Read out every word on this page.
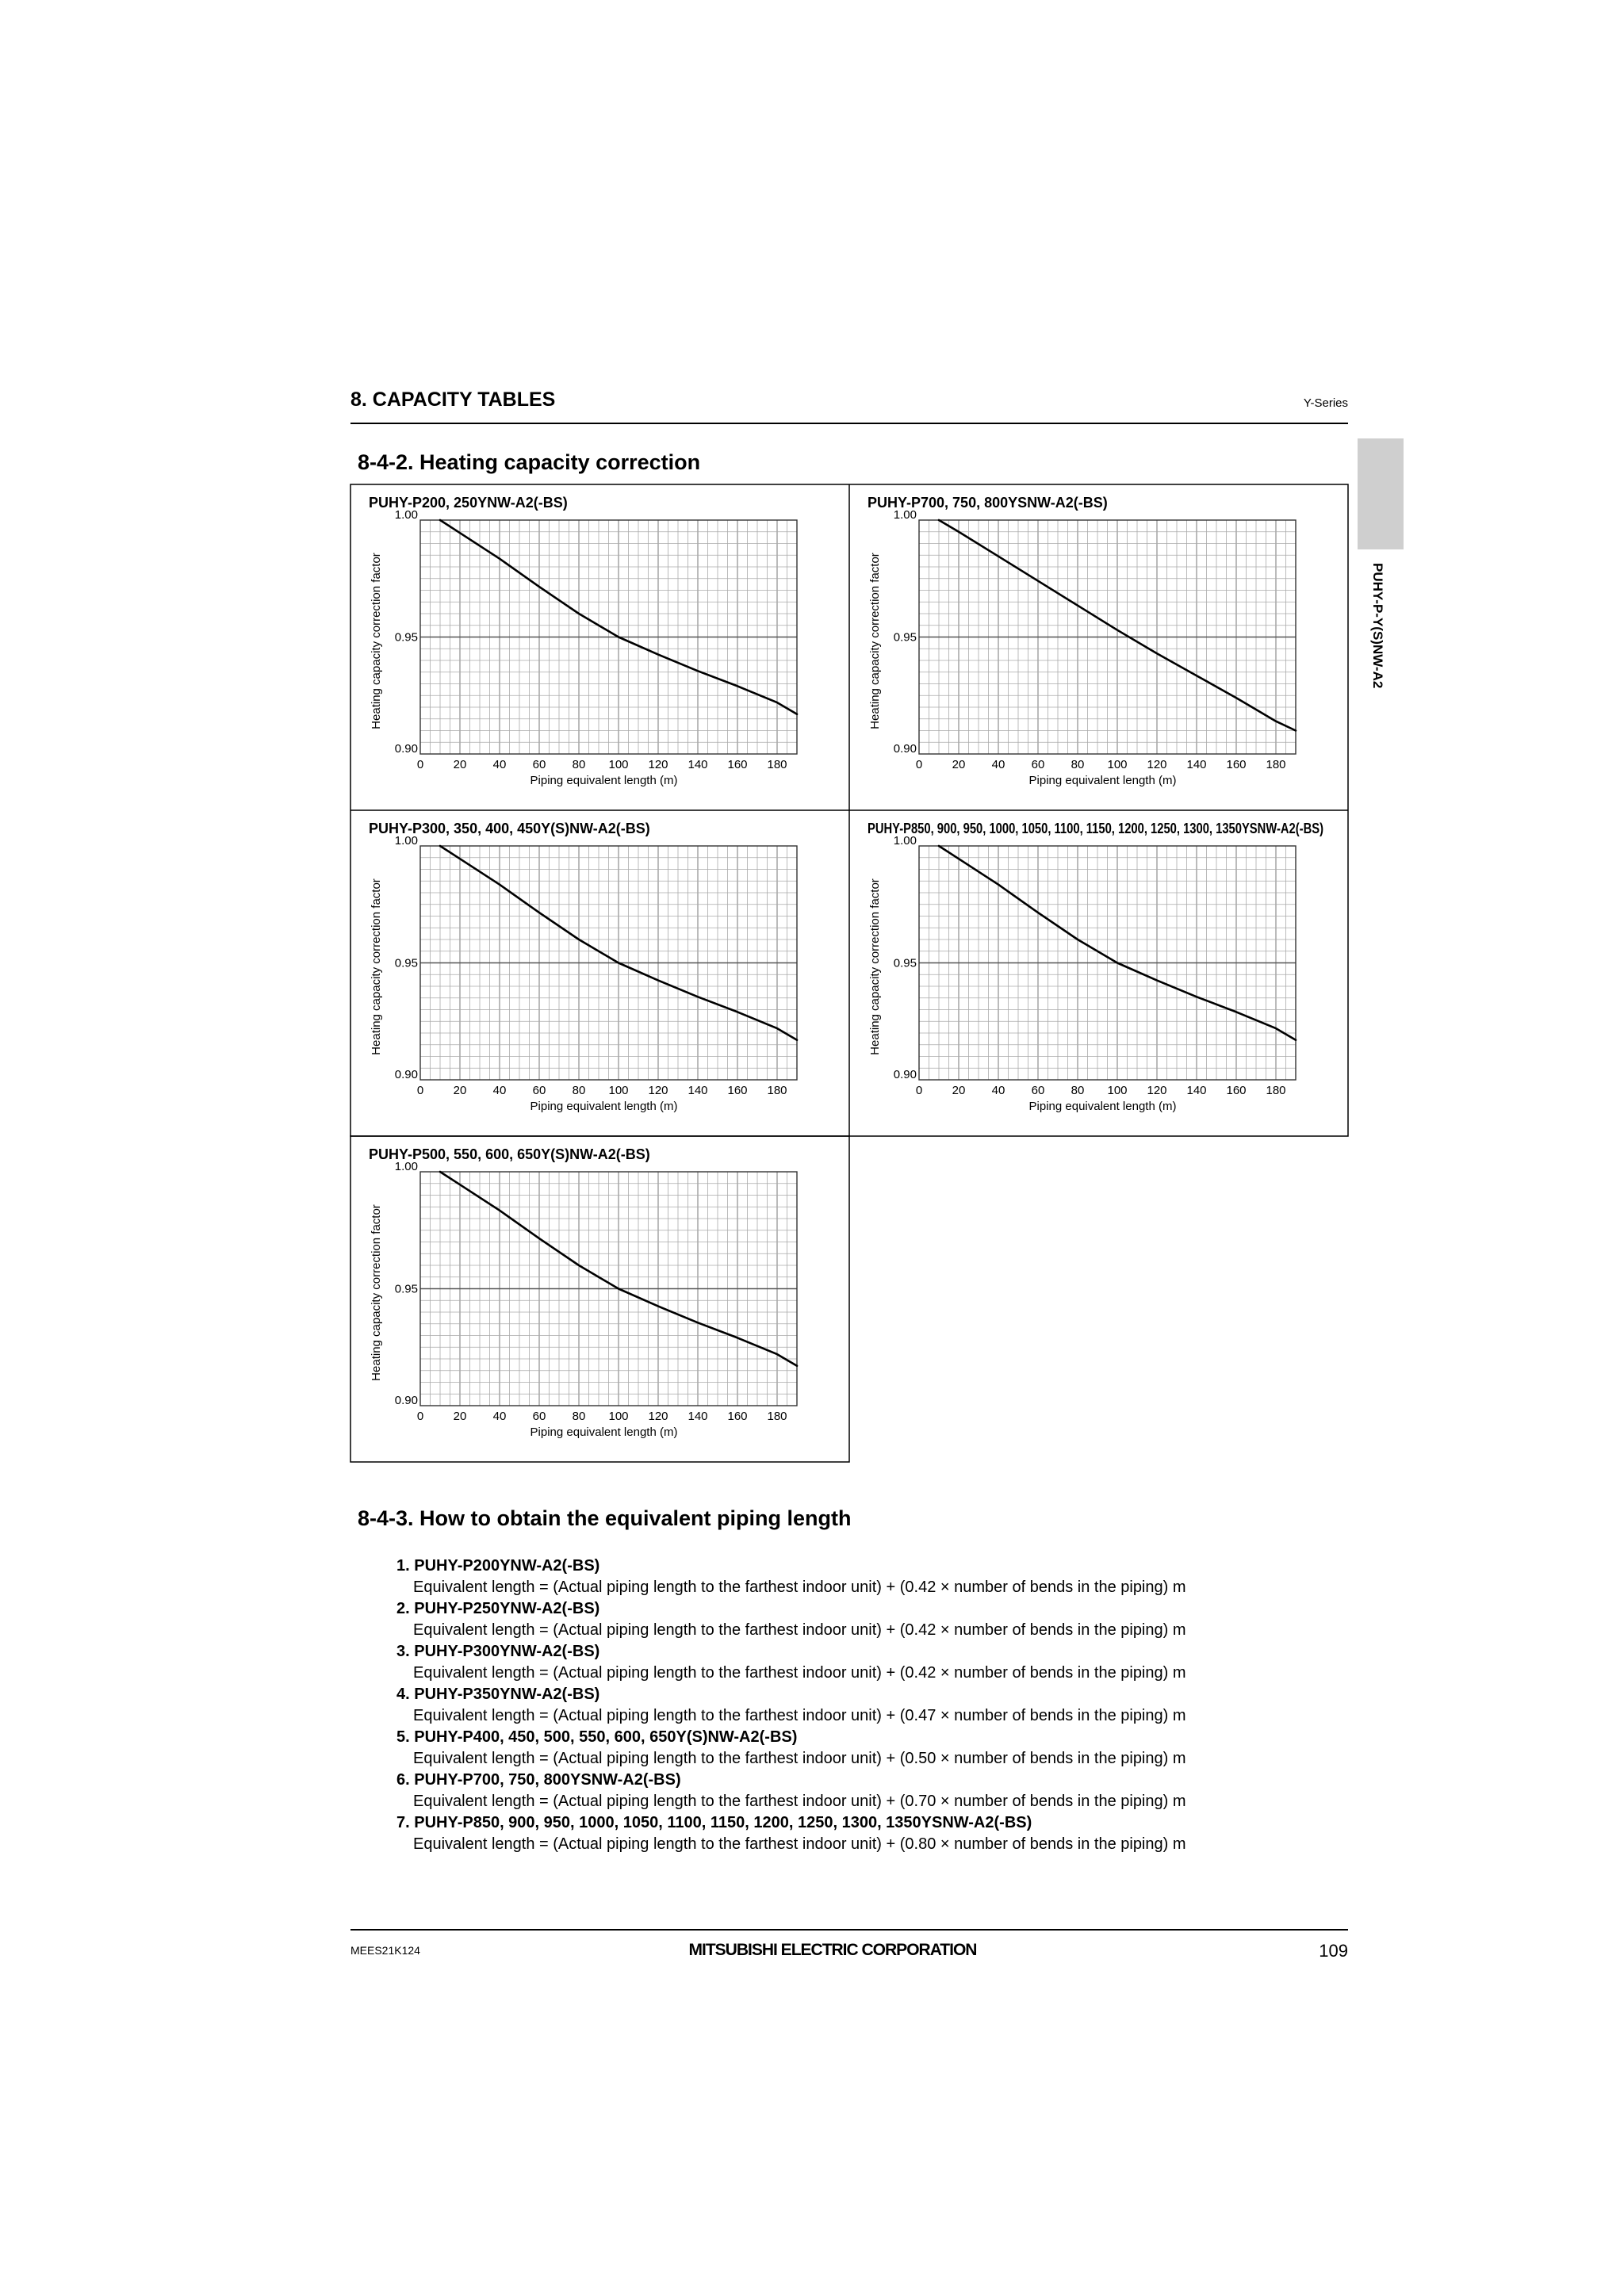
8. CAPACITY TABLES	Y-Series
PUHY-P-Y(S)NW-A2
8-4-2. Heating capacity correction
PUHY-P200, 250YNW-A2(-BS)
1.00
0.95
0.90
0 20 40 60 80 100 120 140 160 180
Piping equivalent length (m)
Heating capacity correction factor
PUHY-P700, 750, 800YSNW-A2(-BS)
1.00
0.95
0.90
0 20 40 60 80 100 120 140 160 180
Piping equivalent length (m)
Heating capacity correction factor
PUHY-P300, 350, 400, 450Y(S)NW-A2(-BS)
1.00
0.95
0.90
0 20 40 60 80 100 120 140 160 180
Piping equivalent length (m)
Heating capacity correction factor
PUHY-P850, 900, 950, 1000, 1050, 1100, 1150, 1200, 1250, 1300, 1350YSNW-A2(-BS)
1.00
0.95
0.90
0 20 40 60 80 100 120 140 160 180
Piping equivalent length (m)
Heating capacity correction factor
PUHY-P500, 550, 600, 650Y(S)NW-A2(-BS)
1.00
0.95
0.90
0 20 40 60 80 100 120 140 160 180
Piping equivalent length (m)
Heating capacity correction factor
8-4-3. How to obtain the equivalent piping length
1. PUHY-P200YNW-A2(-BS)
Equivalent length = (Actual piping length to the farthest indoor unit) + (0.42 × number of bends in the piping) m
2. PUHY-P250YNW-A2(-BS)
Equivalent length = (Actual piping length to the farthest indoor unit) + (0.42 × number of bends in the piping) m
3. PUHY-P300YNW-A2(-BS)
Equivalent length = (Actual piping length to the farthest indoor unit) + (0.42 × number of bends in the piping) m
4. PUHY-P350YNW-A2(-BS)
Equivalent length = (Actual piping length to the farthest indoor unit) + (0.47 × number of bends in the piping) m
5. PUHY-P400, 450, 500, 550, 600, 650Y(S)NW-A2(-BS)
Equivalent length = (Actual piping length to the farthest indoor unit) + (0.50 × number of bends in the piping) m
6. PUHY-P700, 750, 800YSNW-A2(-BS)
Equivalent length = (Actual piping length to the farthest indoor unit) + (0.70 × number of bends in the piping) m
7. PUHY-P850, 900, 950, 1000, 1050, 1100, 1150, 1200, 1250, 1300, 1350YSNW-A2(-BS)
Equivalent length = (Actual piping length to the farthest indoor unit) + (0.80 × number of bends in the piping) m
MEES21K124	MITSUBISHI ELECTRIC CORPORATION	109
